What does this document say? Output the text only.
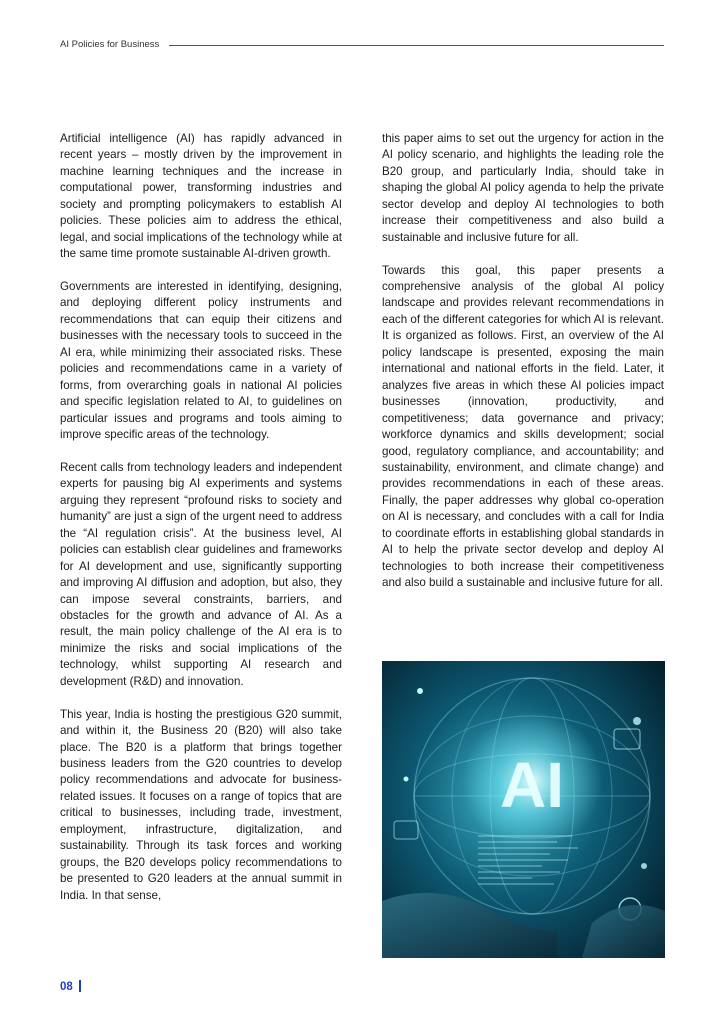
AI Policies for Business

Artificial intelligence (AI) has rapidly advanced in recent years – mostly driven by the improvement in machine learning techniques and the increase in computational power, transforming industries and society and prompting policymakers to establish AI policies. These policies aim to address the ethical, legal, and social implications of the technology while at the same time promote sustainable AI-driven growth.

Governments are interested in identifying, designing, and deploying different policy instruments and recommendations that can equip their citizens and businesses with the necessary tools to succeed in the AI era, while minimizing their associated risks. These policies and recommendations came in a variety of forms, from overarching goals in national AI policies and specific legislation related to AI, to guidelines on particular issues and programs and tools aiming to improve specific areas of the technology.

Recent calls from technology leaders and independent experts for pausing big AI experiments and systems arguing they represent “profound risks to society and humanity” are just a sign of the urgent need to address the “AI regulation crisis”. At the business level, AI policies can establish clear guidelines and frameworks for AI development and use, significantly supporting and improving AI diffusion and adoption, but also, they can impose several constraints, barriers, and obstacles for the growth and advance of AI. As a result, the main policy challenge of the AI era is to minimize the risks and social implications of the technology, whilst supporting AI research and development (R&D) and innovation.

This year, India is hosting the prestigious G20 summit, and within it, the Business 20 (B20) will also take place. The B20 is a platform that brings together business leaders from the G20 countries to develop policy recommendations and advocate for business-related issues. It focuses on a range of topics that are critical to businesses, including trade, investment, employment, infrastructure, digitalization, and sustainability. Through its task forces and working groups, the B20 develops policy recommendations to be presented to G20 leaders at the annual summit in India. In that sense,

this paper aims to set out the urgency for action in the AI policy scenario, and highlights the leading role the B20 group, and particularly India, should take in shaping the global AI policy agenda to help the private sector develop and deploy AI technologies to both increase their competitiveness and also build a sustainable and inclusive future for all.

Towards this goal, this paper presents a comprehensive analysis of the global AI policy landscape and provides relevant recommendations in each of the different categories for which AI is relevant. It is organized as follows. First, an overview of the AI policy landscape is presented, exposing the main international and national efforts in the field. Later, it analyzes five areas in which these AI policies impact businesses (innovation, productivity, and competitiveness; data governance and privacy; workforce dynamics and skills development; social good, regulatory compliance, and accountability; and sustainability, environment, and climate change) and provides recommendations in each of these areas. Finally, the paper addresses why global co-operation on AI is necessary, and concludes with a call for India to coordinate efforts in establishing global standards in AI to help the private sector develop and deploy AI technologies to both increase their competitiveness and also build a sustainable and inclusive future for all.

AI
08
